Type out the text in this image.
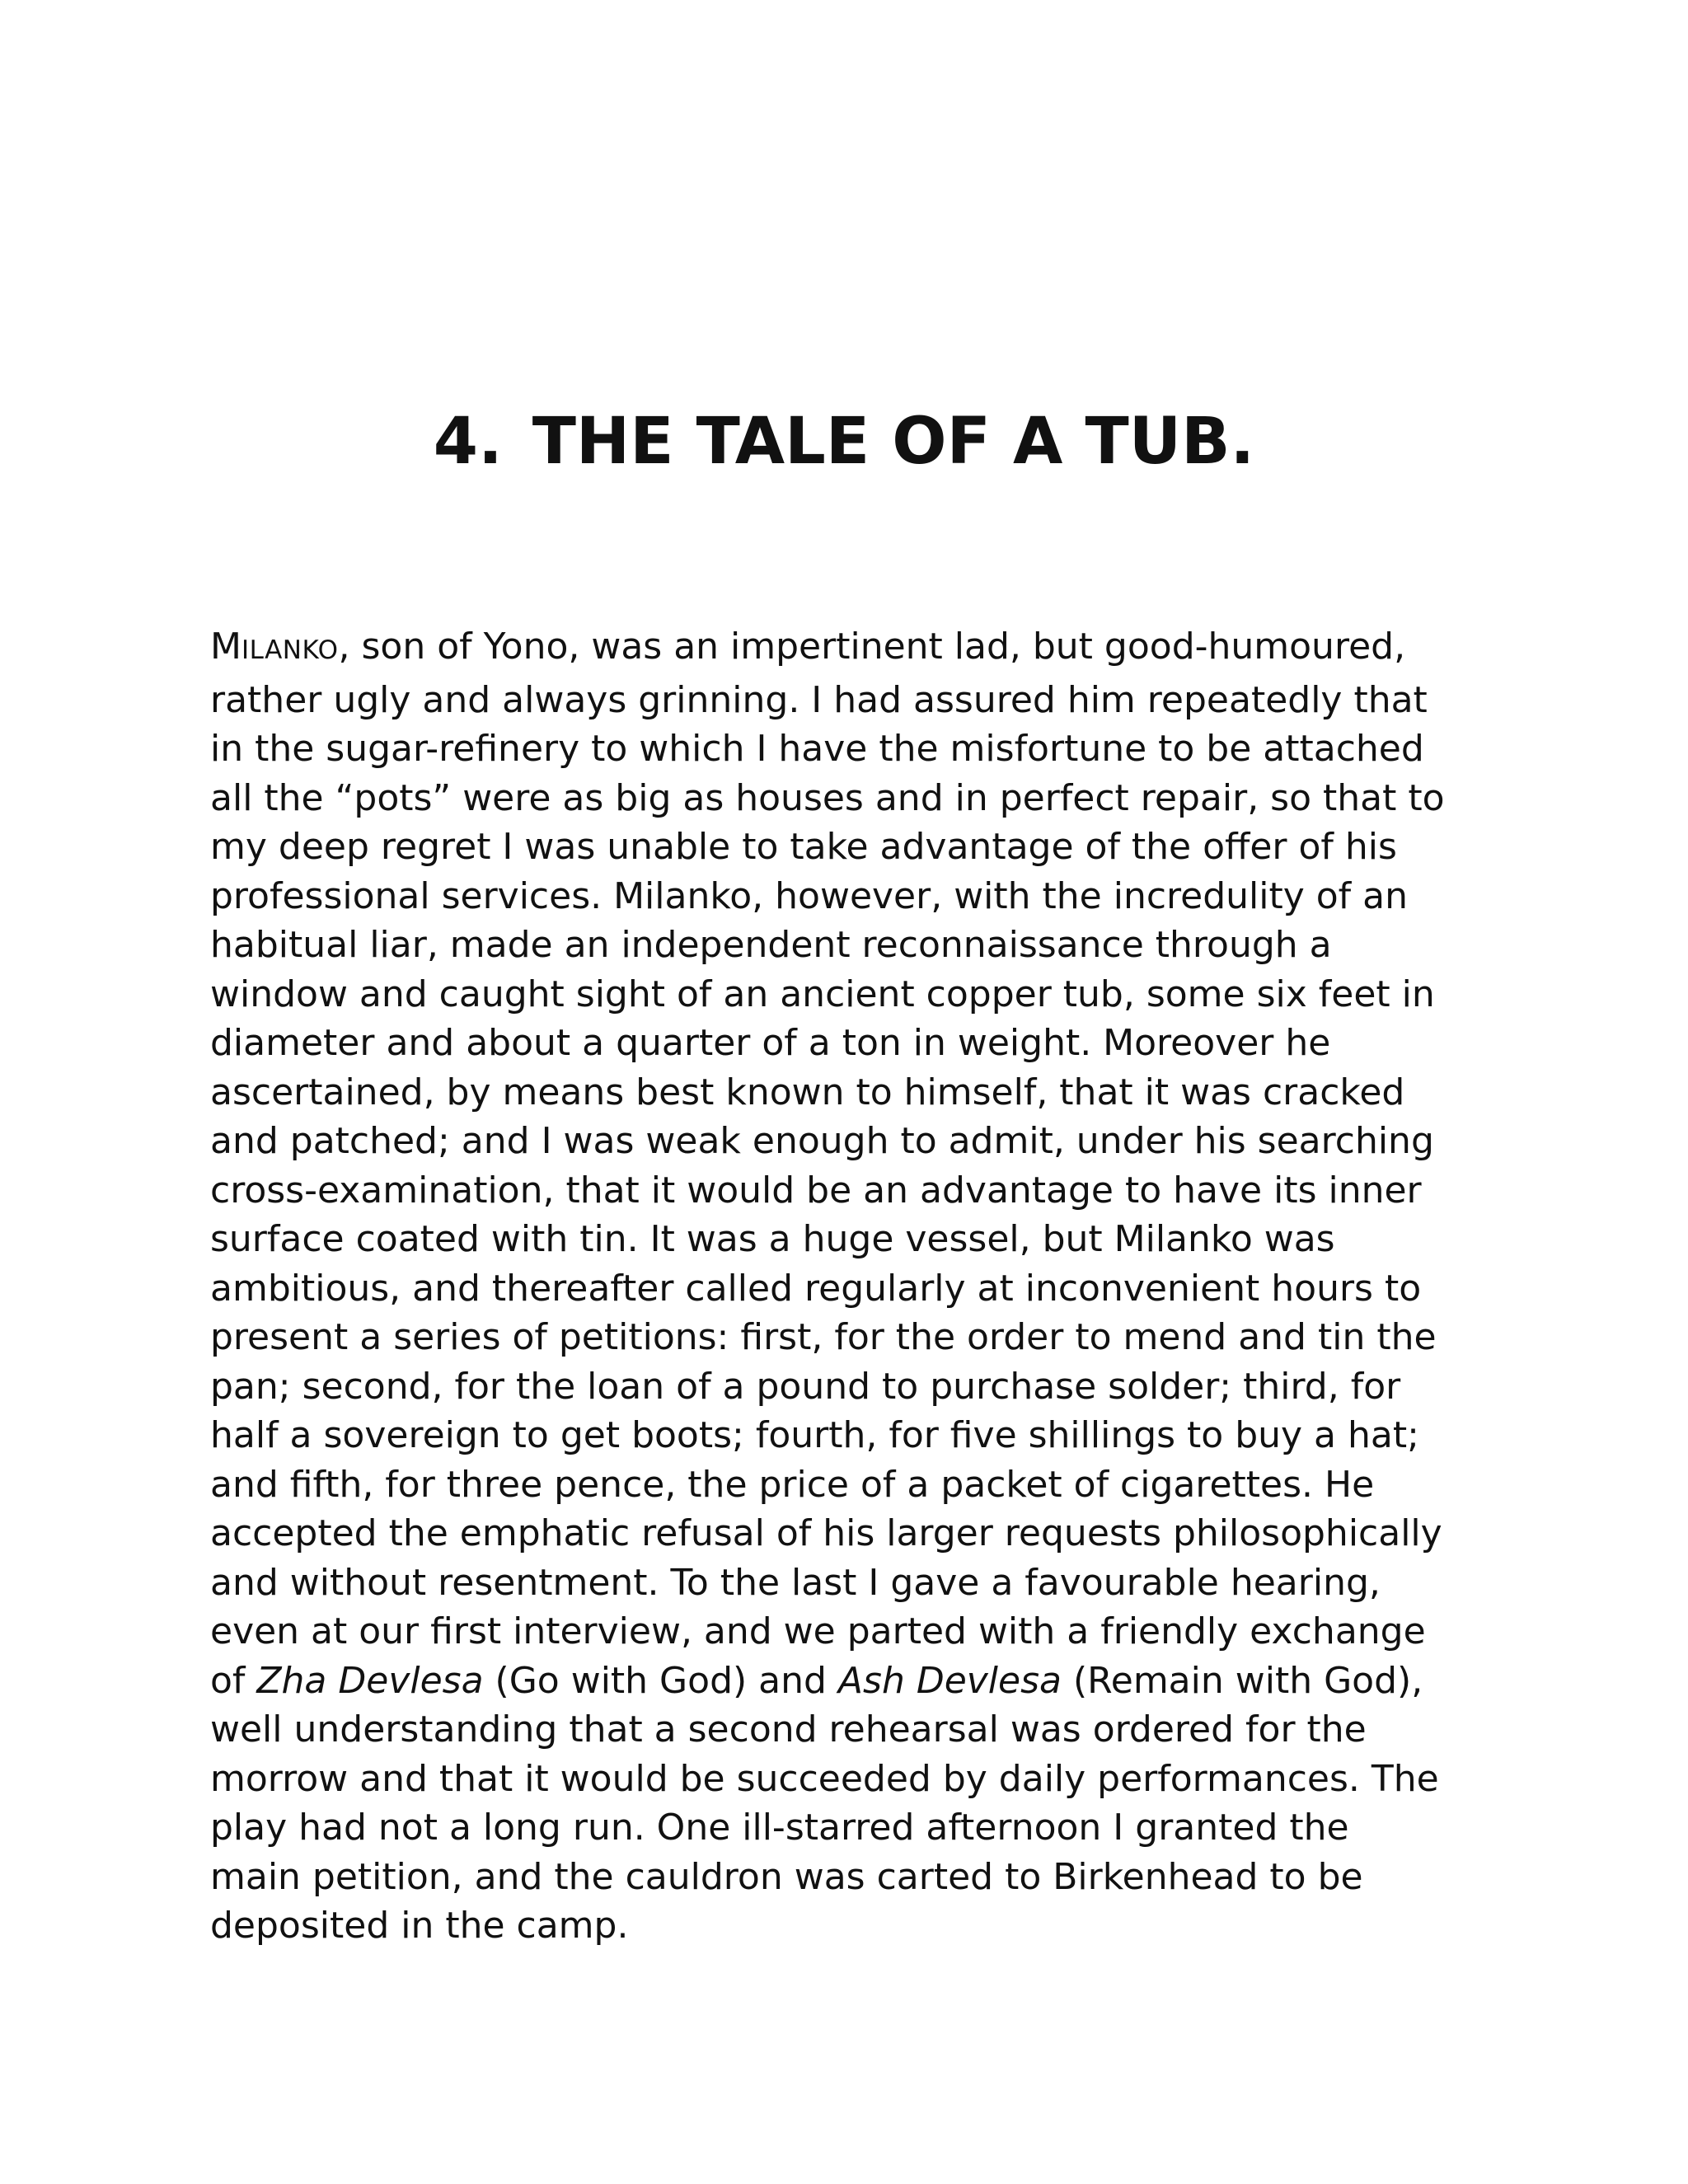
4. THE TALE OF A TUB.

MILANKO, son of Yono, was an impertinent lad, but good-humoured,
rather ugly and always grinning. I had assured him repeatedly that
in the sugar-refinery to which I have the misfortune to be attached
all the “pots” were as big as houses and in perfect repair, so that to
my deep regret I was unable to take advantage of the offer of his
professional services. Milanko, however, with the incredulity of an
habitual liar, made an independent reconnaissance through a
window and caught sight of an ancient copper tub, some six feet in
diameter and about a quarter of a ton in weight. Moreover he
ascertained, by means best known to himself, that it was cracked
and patched; and I was weak enough to admit, under his searching
cross-examination, that it would be an advantage to have its inner
surface coated with tin. It was a huge vessel, but Milanko was
ambitious, and thereafter called regularly at inconvenient hours to
present a series of petitions: first, for the order to mend and tin the
pan; second, for the loan of a pound to purchase solder; third, for
half a sovereign to get boots; fourth, for five shillings to buy a hat;
and fifth, for three pence, the price of a packet of cigarettes. He
accepted the emphatic refusal of his larger requests philosophically
and without resentment. To the last I gave a favourable hearing,
even at our first interview, and we parted with a friendly exchange
of Zha Devlesa (Go with God) and Ash Devlesa (Remain with God),
well understanding that a second rehearsal was ordered for the
morrow and that it would be succeeded by daily performances. The
play had not a long run. One ill-starred afternoon I granted the
main petition, and the cauldron was carted to Birkenhead to be
deposited in the camp.
